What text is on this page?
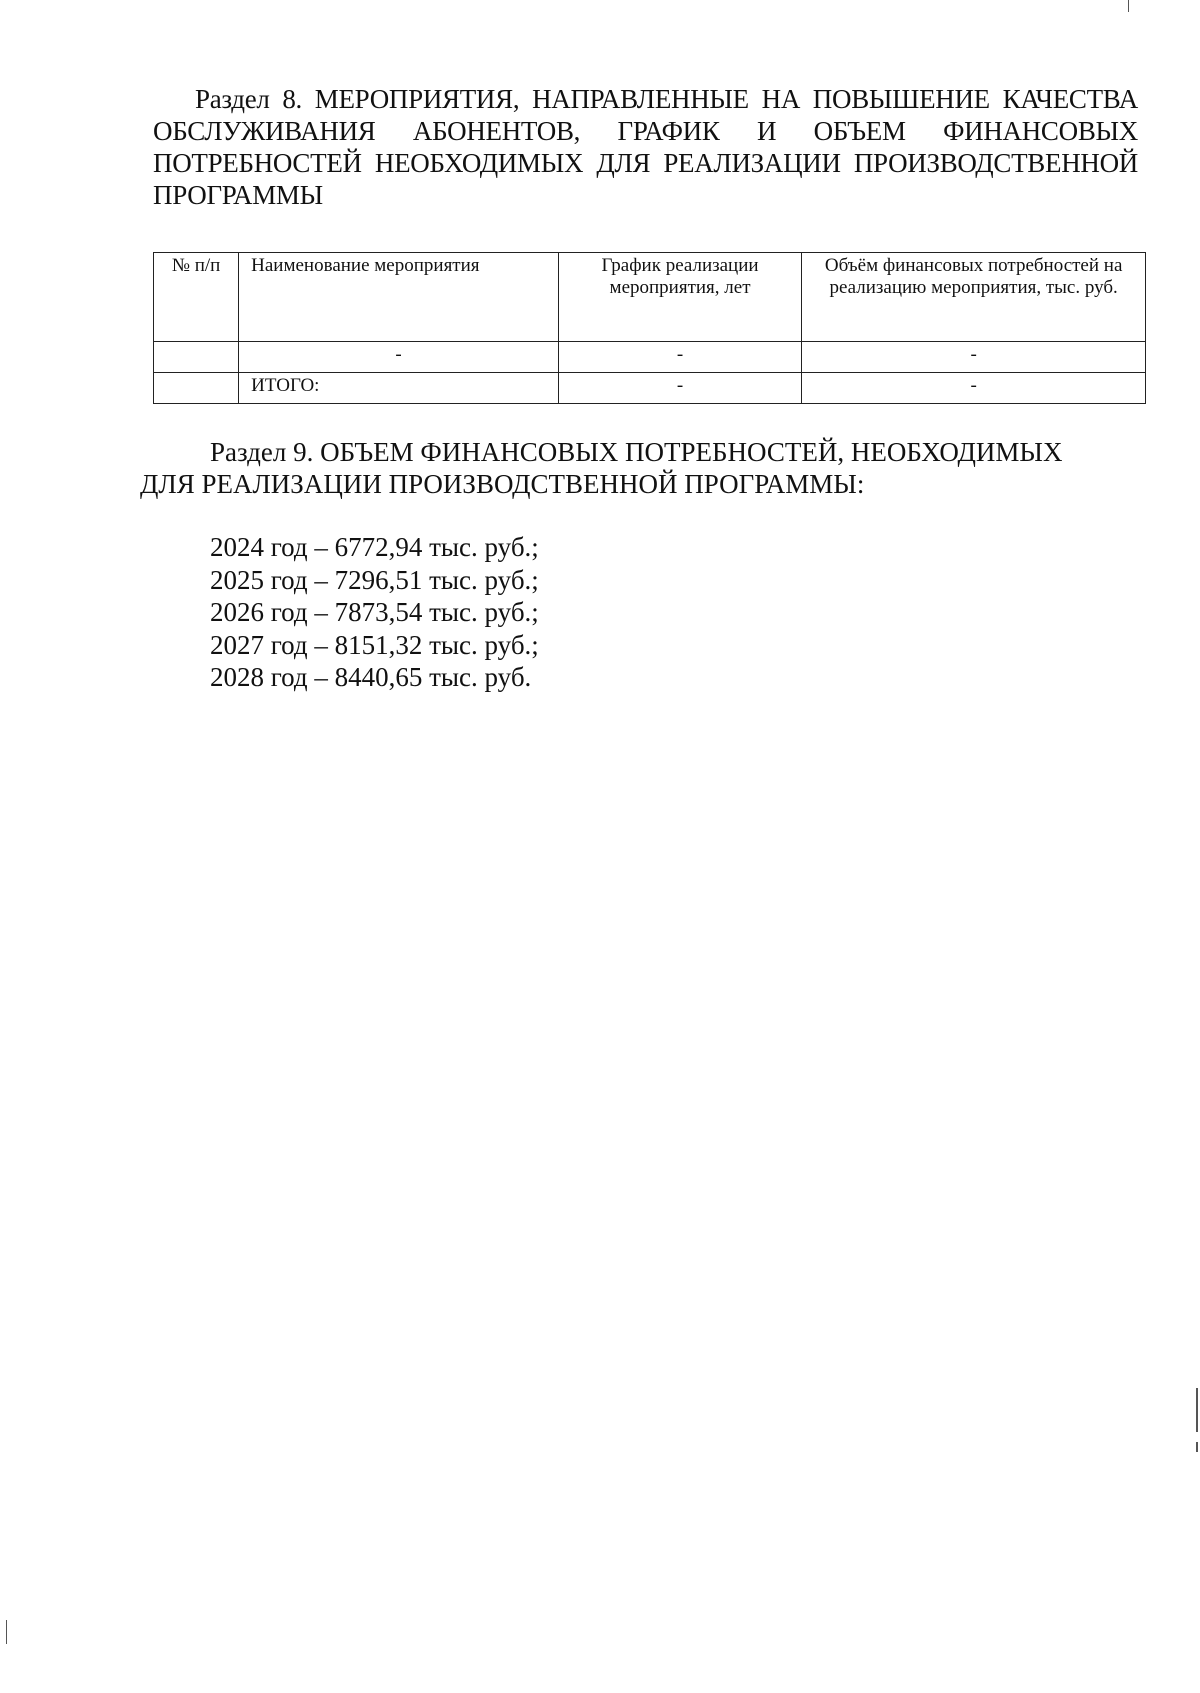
Раздел 8. МЕРОПРИЯТИЯ, НАПРАВЛЕННЫЕ НА ПОВЫШЕНИЕ КАЧЕСТВА ОБСЛУЖИВАНИЯ АБОНЕНТОВ, ГРАФИК И ОБЪЕМ ФИНАНСОВЫХ ПОТРЕБНОСТЕЙ НЕОБХОДИМЫХ ДЛЯ РЕАЛИЗАЦИИ ПРОИЗВОДСТВЕННОЙ ПРОГРАММЫ

№ п/п	Наименование мероприятия	График реализации мероприятия, лет	Объём финансовых потребностей на реализацию мероприятия, тыс. руб.
	-	-	-
	ИТОГО:	-	-

Раздел 9. ОБЪЕМ ФИНАНСОВЫХ ПОТРЕБНОСТЕЙ, НЕОБХОДИМЫХ ДЛЯ РЕАЛИЗАЦИИ ПРОИЗВОДСТВЕННОЙ ПРОГРАММЫ:

2024 год – 6772,94 тыс. руб.;
2025 год – 7296,51 тыс. руб.;
2026 год – 7873,54 тыс. руб.;
2027 год – 8151,32 тыс. руб.;
2028 год – 8440,65 тыс. руб.
